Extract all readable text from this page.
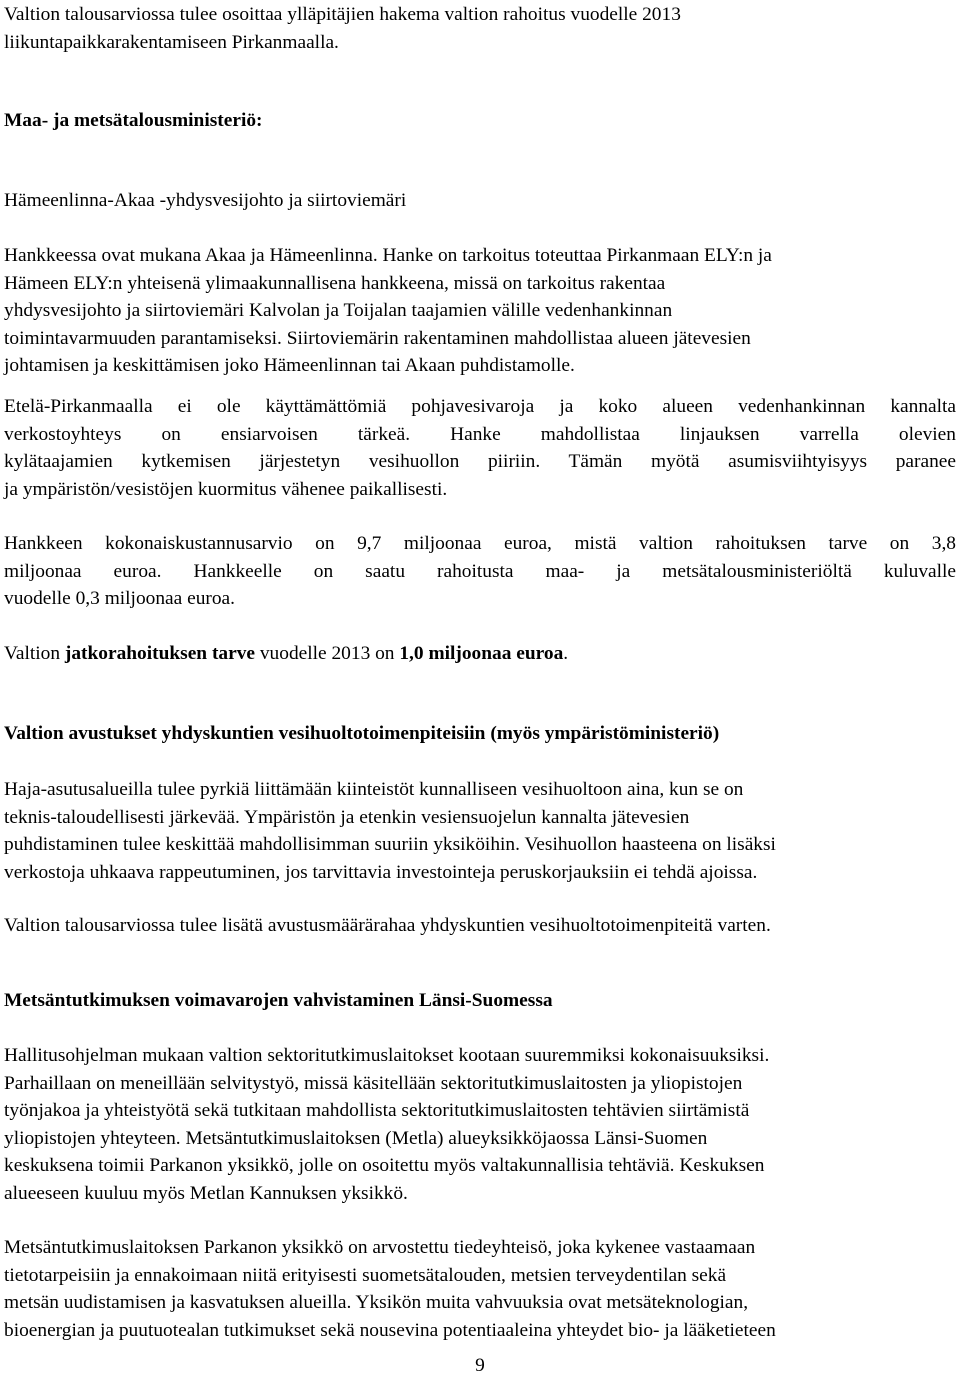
Valtion talousarviossa tulee osoittaa ylläpitäjien hakema valtion rahoitus vuodelle 2013
liikuntapaikkarakentamiseen Pirkanmaalla.

Maa- ja metsätalousministeriö:

Hämeenlinna-Akaa -yhdysvesijohto ja siirtoviemäri

Hankkeessa ovat mukana Akaa ja Hämeenlinna. Hanke on tarkoitus toteuttaa Pirkanmaan ELY:n ja
Hämeen ELY:n yhteisenä ylimaakunnallisena hankkeena, missä on tarkoitus rakentaa
yhdysvesijohto ja siirtoviemäri Kalvolan ja Toijalan taajamien välille vedenhankinnan
toimintavarmuuden parantamiseksi. Siirtoviemärin rakentaminen mahdollistaa alueen jätevesien
johtamisen ja keskittämisen joko Hämeenlinnan tai Akaan puhdistamolle.

Etelä-Pirkanmaalla ei ole käyttämättömiä pohjavesivaroja ja koko alueen vedenhankinnan kannalta
verkostoyhteys on ensiarvoisen tärkeä. Hanke mahdollistaa linjauksen varrella olevien
kylätaajamien kytkemisen järjestetyn vesihuollon piiriin. Tämän myötä asumisviihtyisyys paranee
ja ympäristön/vesistöjen kuormitus vähenee paikallisesti.

Hankkeen kokonaiskustannusarvio on 9,7 miljoonaa euroa, mistä valtion rahoituksen tarve on 3,8
miljoonaa euroa. Hankkeelle on saatu rahoitusta maa- ja metsätalousministeriöltä kuluvalle
vuodelle 0,3 miljoonaa euroa.

Valtion jatkorahoituksen tarve vuodelle 2013 on 1,0 miljoonaa euroa.

Valtion avustukset yhdyskuntien vesihuoltotoimenpiteisiin (myös ympäristöministeriö)

Haja-asutusalueilla tulee pyrkiä liittämään kiinteistöt kunnalliseen vesihuoltoon aina, kun se on
teknis-taloudellisesti järkevää. Ympäristön ja etenkin vesiensuojelun kannalta jätevesien
puhdistaminen tulee keskittää mahdollisimman suuriin yksiköihin. Vesihuollon haasteena on lisäksi
verkostoja uhkaava rappeutuminen, jos tarvittavia investointeja peruskorjauksiin ei tehdä ajoissa.

Valtion talousarviossa tulee lisätä avustusmäärärahaa yhdyskuntien vesihuoltotoimenpiteitä varten.

Metsäntutkimuksen voimavarojen vahvistaminen Länsi-Suomessa

Hallitusohjelman mukaan valtion sektoritutkimuslaitokset kootaan suuremmiksi kokonaisuuksiksi.
Parhaillaan on meneillään selvitystyö, missä käsitellään sektoritutkimuslaitosten ja yliopistojen
työnjakoa ja yhteistyötä sekä tutkitaan mahdollista sektoritutkimuslaitosten tehtävien siirtämistä
yliopistojen yhteyteen. Metsäntutkimuslaitoksen (Metla) alueyksikköjaossa Länsi-Suomen
keskuksena toimii Parkanon yksikkö, jolle on osoitettu myös valtakunnallisia tehtäviä. Keskuksen
alueeseen kuuluu myös Metlan Kannuksen yksikkö.

Metsäntutkimuslaitoksen Parkanon yksikkö on arvostettu tiedeyhteisö, joka kykenee vastaamaan
tietotarpeisiin ja ennakoimaan niitä erityisesti suometsätalouden, metsien terveydentilan sekä
metsän uudistamisen ja kasvatuksen alueilla. Yksikön muita vahvuuksia ovat metsäteknologian,
bioenergian ja puutuotealan tutkimukset sekä nousevina potentiaaleina yhteydet bio- ja lääketieteen

9
